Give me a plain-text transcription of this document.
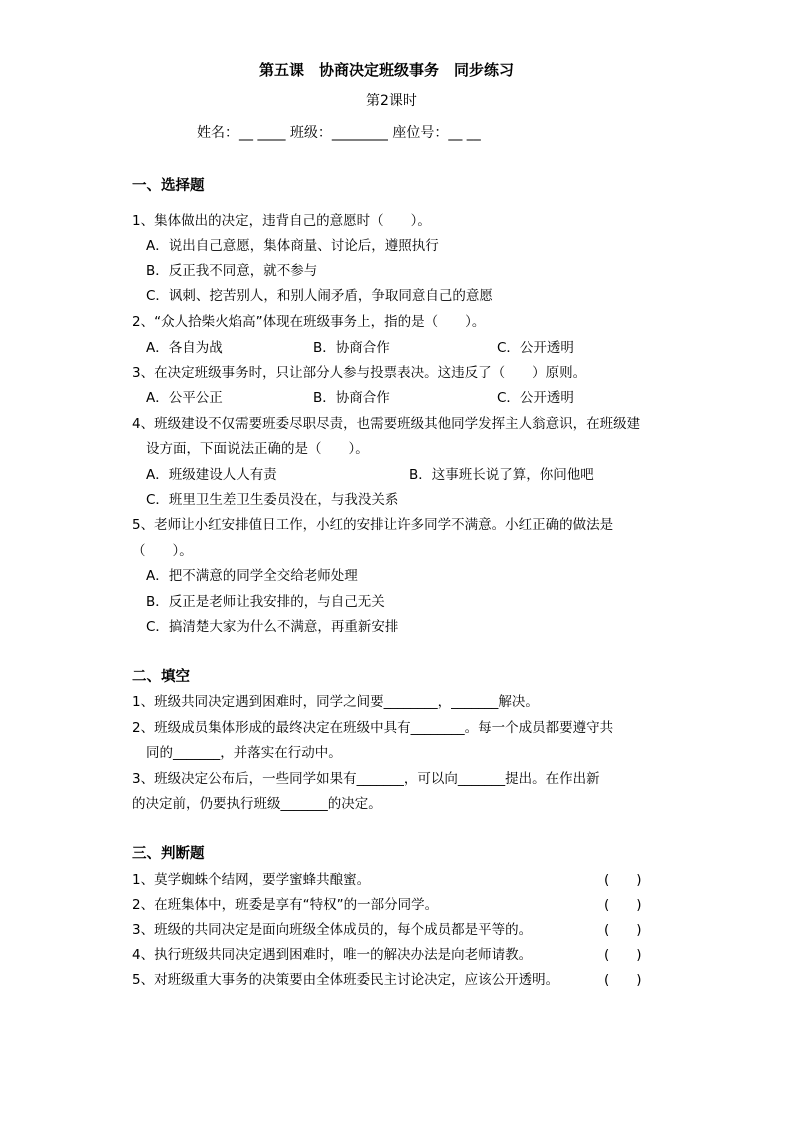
第五课　协商决定班级事务　同步练习
第2课时
姓名：__ ____ 班级：________ 座位号：__ __
一、选择题
1、集体做出的决定，违背自己的意愿时（　　）。
A．说出自己意愿，集体商量、讨论后，遵照执行
B．反正我不同意，就不参与
C．讽刺、挖苦别人，和别人闹矛盾，争取同意自己的意愿
2、“众人拾柴火焰高”体现在班级事务上，指的是（　　）。
A．各自为战	B．协商合作	C．公开透明
3、在决定班级事务时，只让部分人参与投票表决。这违反了（　　）原则。
A．公平公正	B．协商合作	C．公开透明
4、班级建设不仅需要班委尽职尽责，也需要班级其他同学发挥主人翁意识，在班级建
设方面，下面说法正确的是（　　）。
A．班级建设人人有责	B．这事班长说了算，你问他吧
C．班里卫生差卫生委员没在，与我没关系
5、老师让小红安排值日工作，小红的安排让许多同学不满意。小红正确的做法是
（　　）。
A．把不满意的同学全交给老师处理
B．反正是老师让我安排的，与自己无关
C．搞清楚大家为什么不满意，再重新安排
二、填空
1、班级共同决定遇到困难时，同学之间要________，_______解决。
2、班级成员集体形成的最终决定在班级中具有________。每一个成员都要遵守共
同的_______，并落实在行动中。
3、班级决定公布后，一些同学如果有_______，可以向_______提出。在作出新
的决定前，仍要执行班级_______的决定。
三、判断题
1、莫学蜘蛛个结网，要学蜜蜂共酿蜜。	(　　)
2、在班集体中，班委是享有“特权”的一部分同学。	(　　)
3、班级的共同决定是面向班级全体成员的，每个成员都是平等的。	(　　)
4、执行班级共同决定遇到困难时，唯一的解决办法是向老师请教。	(　　)
5、对班级重大事务的决策要由全体班委民主讨论决定，应该公开透明。	(　　)
